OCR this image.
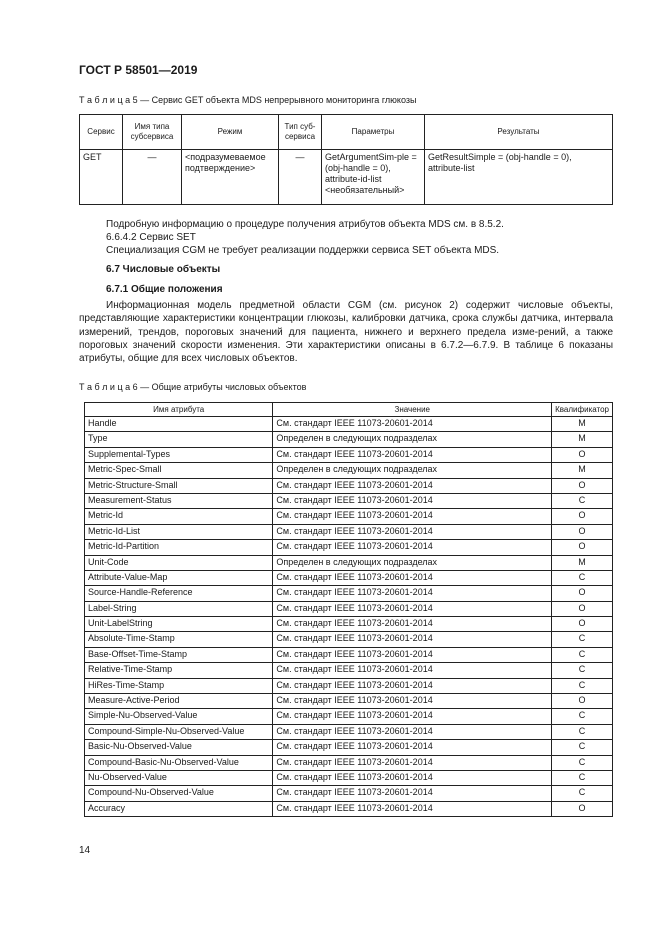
ГОСТ Р 58501—2019
Т а б л и ц а 5 — Сервис GET объекта MDS непрерывного мониторинга глюкозы
Сервис	Имя типа субсервиса	Режим	Тип суб-сервиса	Параметры	Результаты
GET	—	<подразумеваемое подтверждение>	—	GetArgumentSim-ple = (obj-handle = 0), attribute-id-list <необязательный>	GetResultSimple = (obj-handle = 0), attribute-list
Подробную информацию о процедуре получения атрибутов объекта MDS см. в 8.5.2.
6.6.4.2 Сервис SET
Специализация CGM не требует реализации поддержки сервиса SET объекта MDS.
6.7 Числовые объекты
6.7.1 Общие положения
Информационная модель предметной области CGM (см. рисунок 2) содержит числовые объекты, представляющие характеристики концентрации глюкозы, калибровки датчика, срока службы датчика, интервала измерений, трендов, пороговых значений для пациента, нижнего и верхнего предела изме-рений, а также пороговых значений скорости изменения. Эти характеристики описаны в 6.7.2—6.7.9. В таблице 6 показаны атрибуты, общие для всех числовых объектов.
Т а б л и ц а 6 — Общие атрибуты числовых объектов
Имя атрибута	Значение	Квалификатор
Handle	См. стандарт IEEE 11073-20601-2014	M
Type	Определен в следующих подразделах	M
Supplemental-Types	См. стандарт IEEE 11073-20601-2014	O
Metric-Spec-Small	Определен в следующих подразделах	M
Metric-Structure-Small	См. стандарт IEEE 11073-20601-2014	O
Measurement-Status	См. стандарт IEEE 11073-20601-2014	C
Metric-Id	См. стандарт IEEE 11073-20601-2014	O
Metric-Id-List	См. стандарт IEEE 11073-20601-2014	O
Metric-Id-Partition	См. стандарт IEEE 11073-20601-2014	O
Unit-Code	Определен в следующих подразделах	M
Attribute-Value-Map	См. стандарт IEEE 11073-20601-2014	C
Source-Handle-Reference	См. стандарт IEEE 11073-20601-2014	O
Label-String	См. стандарт IEEE 11073-20601-2014	O
Unit-LabelString	См. стандарт IEEE 11073-20601-2014	O
Absolute-Time-Stamp	См. стандарт IEEE 11073-20601-2014	C
Base-Offset-Time-Stamp	См. стандарт IEEE 11073-20601-2014	C
Relative-Time-Stamp	См. стандарт IEEE 11073-20601-2014	C
HiRes-Time-Stamp	См. стандарт IEEE 11073-20601-2014	C
Measure-Active-Period	См. стандарт IEEE 11073-20601-2014	O
Simple-Nu-Observed-Value	См. стандарт IEEE 11073-20601-2014	C
Compound-Simple-Nu-Observed-Value	См. стандарт IEEE 11073-20601-2014	C
Basic-Nu-Observed-Value	См. стандарт IEEE 11073-20601-2014	C
Compound-Basic-Nu-Observed-Value	См. стандарт IEEE 11073-20601-2014	C
Nu-Observed-Value	См. стандарт IEEE 11073-20601-2014	C
Compound-Nu-Observed-Value	См. стандарт IEEE 11073-20601-2014	C
Accuracy	См. стандарт IEEE 11073-20601-2014	O
14
